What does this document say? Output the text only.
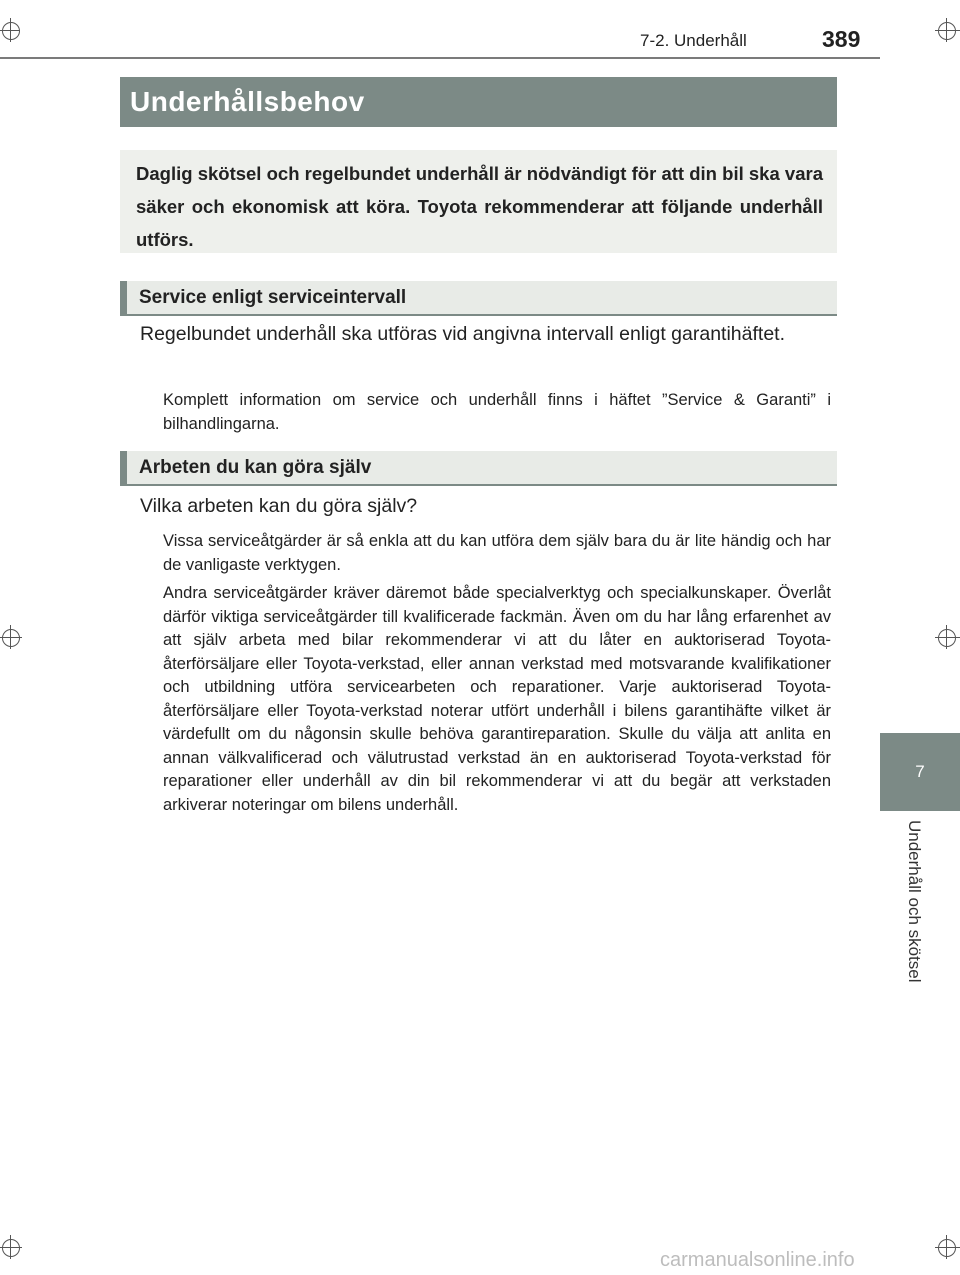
7-2. Underhåll	389
7
Underhåll och skötsel
Underhållsbehov

Daglig skötsel och regelbundet underhåll är nödvändigt för att din bil ska vara säker och ekonomisk att köra. Toyota rekommenderar att följande underhåll utförs.

Service enligt serviceintervall

Regelbundet underhåll ska utföras vid angivna intervall enligt garantihäftet.

Komplett information om service och underhåll finns i häftet ”Service & Garanti” i bilhandlingarna.

Arbeten du kan göra själv

Vilka arbeten kan du göra själv?

Vissa serviceåtgärder är så enkla att du kan utföra dem själv bara du är lite händig och har de vanligaste verktygen.

Andra serviceåtgärder kräver däremot både specialverktyg och specialkunskaper. Överlåt därför viktiga serviceåtgärder till kvalificerade fackmän. Även om du har lång erfarenhet av att själv arbeta med bilar rekommenderar vi att du låter en auktoriserad Toyota-återförsäljare eller Toyota-verkstad, eller annan verkstad med motsvarande kvalifikationer och utbildning utföra servicearbeten och reparationer. Varje auktoriserad Toyota-återförsäljare eller Toyota-verkstad noterar utfört underhåll i bilens garantihäfte vilket är värdefullt om du någonsin skulle behöva garantireparation. Skulle du välja att anlita en annan välkvalificerad och välutrustad verkstad än en auktoriserad Toyota-verkstad för reparationer eller underhåll av din bil rekommenderar vi att du begär att verkstaden arkiverar noteringar om bilens underhåll.

carmanualsonline.info
